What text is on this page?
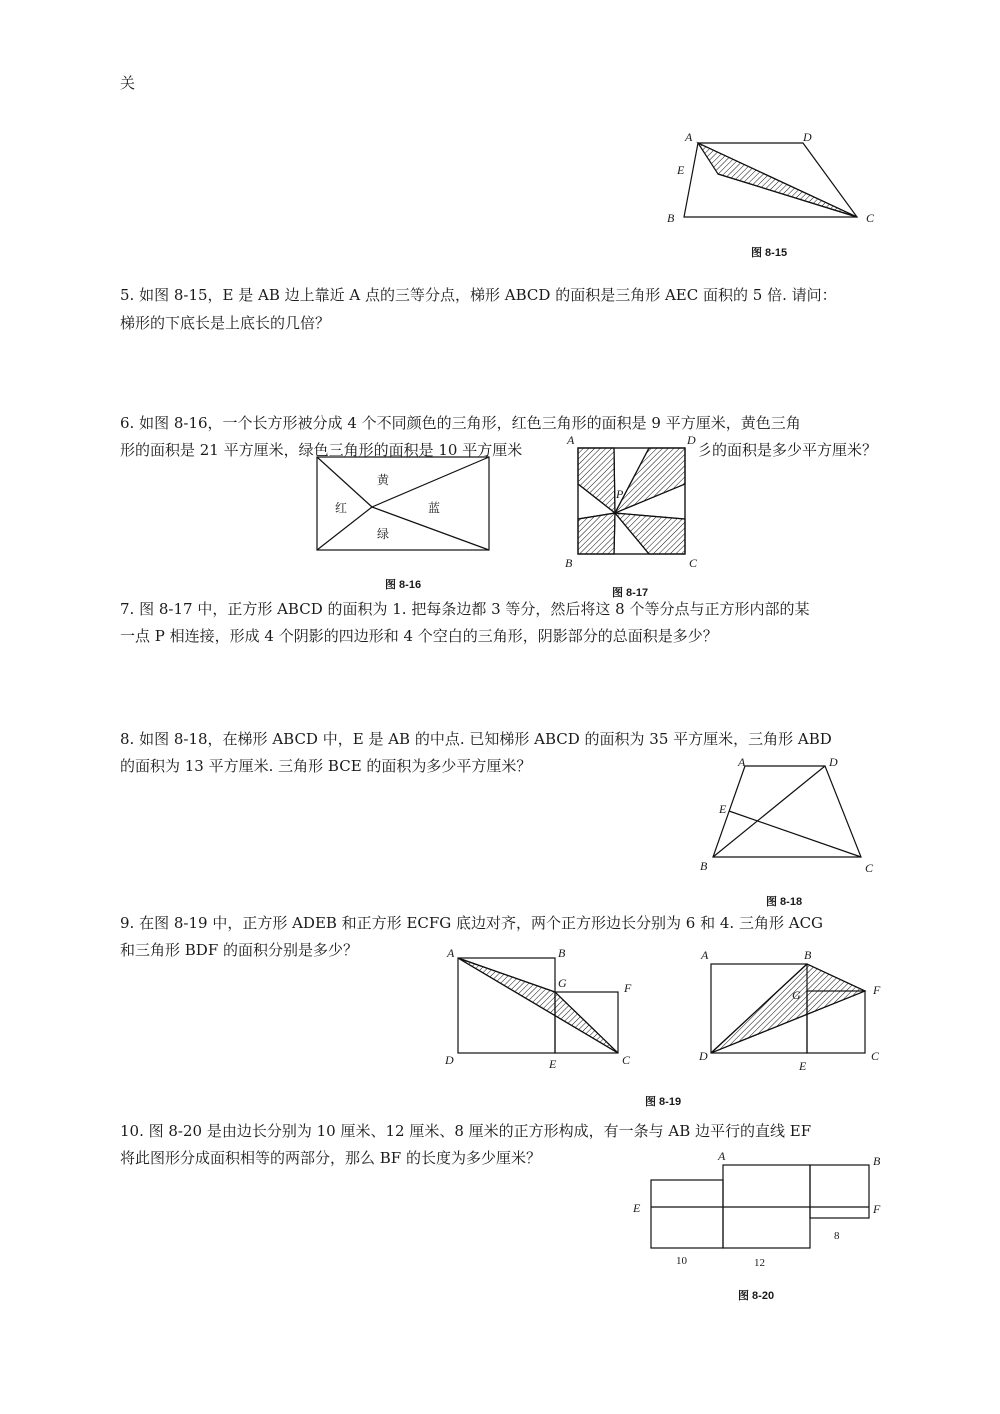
关
A	D
E
B	C
图 8-15
5. 如图 8-15，E 是 AB 边上靠近 A 点的三等分点，梯形 ABCD 的面积是三角形 AEC 面积的 5 倍. 请问：
梯形的下底长是上底长的几倍？
6. 如图 8-16，一个长方形被分成 4 个不同颜色的三角形，红色三角形的面积是 9 平方厘米，黄色三角
形的面积是 21 平方厘米，绿色三角形的面积是 10 平方厘米	彡的面积是多少平方厘米？
黄
红	蓝
绿
图 8-16
A	D
P
B	C
图 8-17
7. 图 8-17 中，正方形 ABCD 的面积为 1. 把每条边都 3 等分，然后将这 8 个等分点与正方形内部的某
一点 P 相连接，形成 4 个阴影的四边形和 4 个空白的三角形，阴影部分的总面积是多少？
8. 如图 8-18，在梯形 ABCD 中，E 是 AB 的中点. 已知梯形 ABCD 的面积为 35 平方厘米，三角形 ABD
的面积为 13 平方厘米. 三角形 BCE 的面积为多少平方厘米？	A	D
E
B	C
图 8-18
9. 在图 8-19 中，正方形 ADEB 和正方形 ECFG 底边对齐，两个正方形边长分别为 6 和 4. 三角形 ACG
和三角形 BDF 的面积分别是多少？	A	B
G	F
D	E	C
A	B
G	F
D
E
C
图 8-19
10. 图 8-20 是由边长分别为 10 厘米、12 厘米、8 厘米的正方形构成，有一条与 AB 边平行的直线 EF
将此图形分成面积相等的两部分，那么 BF 的长度为多少厘米？	A	B
E	F
10	12
8
图 8-20
